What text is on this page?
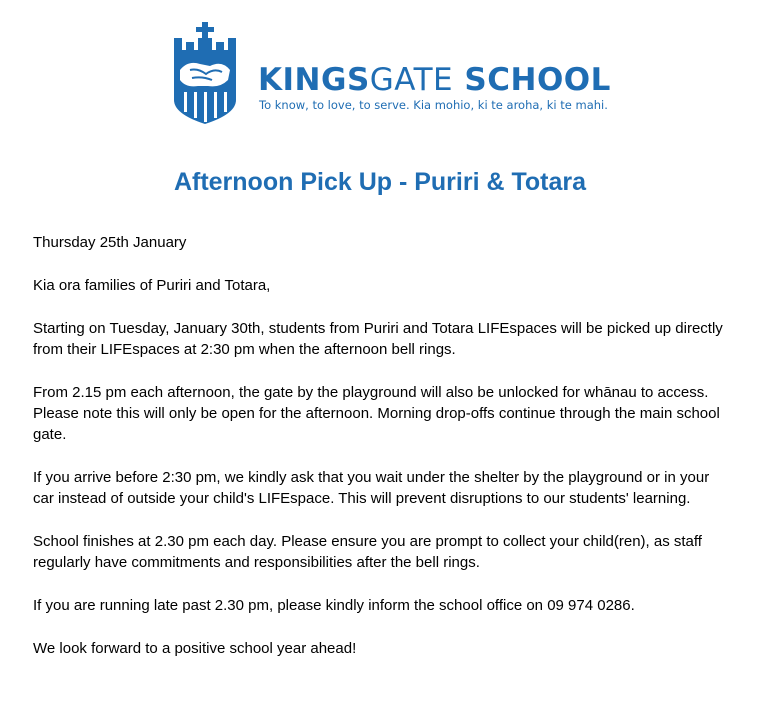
KINGSGATE SCHOOL
To know, to love, to serve. Kia mohio, ki te aroha, ki te mahi.
Afternoon Pick Up - Puriri & Totara

Thursday 25th January

Kia ora families of Puriri and Totara,

Starting on Tuesday, January 30th, students from Puriri and Totara LIFEspaces will be picked up directly from their LIFEspaces at 2:30 pm when the afternoon bell rings.

From 2.15 pm each afternoon, the gate by the playground will also be unlocked for whānau to access. Please note this will only be open for the afternoon. Morning drop-offs continue through the main school gate.

If you arrive before 2:30 pm, we kindly ask that you wait under the shelter by the playground or in your car instead of outside your child's LIFEspace. This will prevent disruptions to our students' learning.

School finishes at 2.30 pm each day. Please ensure you are prompt to collect your child(ren), as staff regularly have commitments and responsibilities after the bell rings.

If you are running late past 2.30 pm, please kindly inform the school office on 09 974 0286.

We look forward to a positive school year ahead!
